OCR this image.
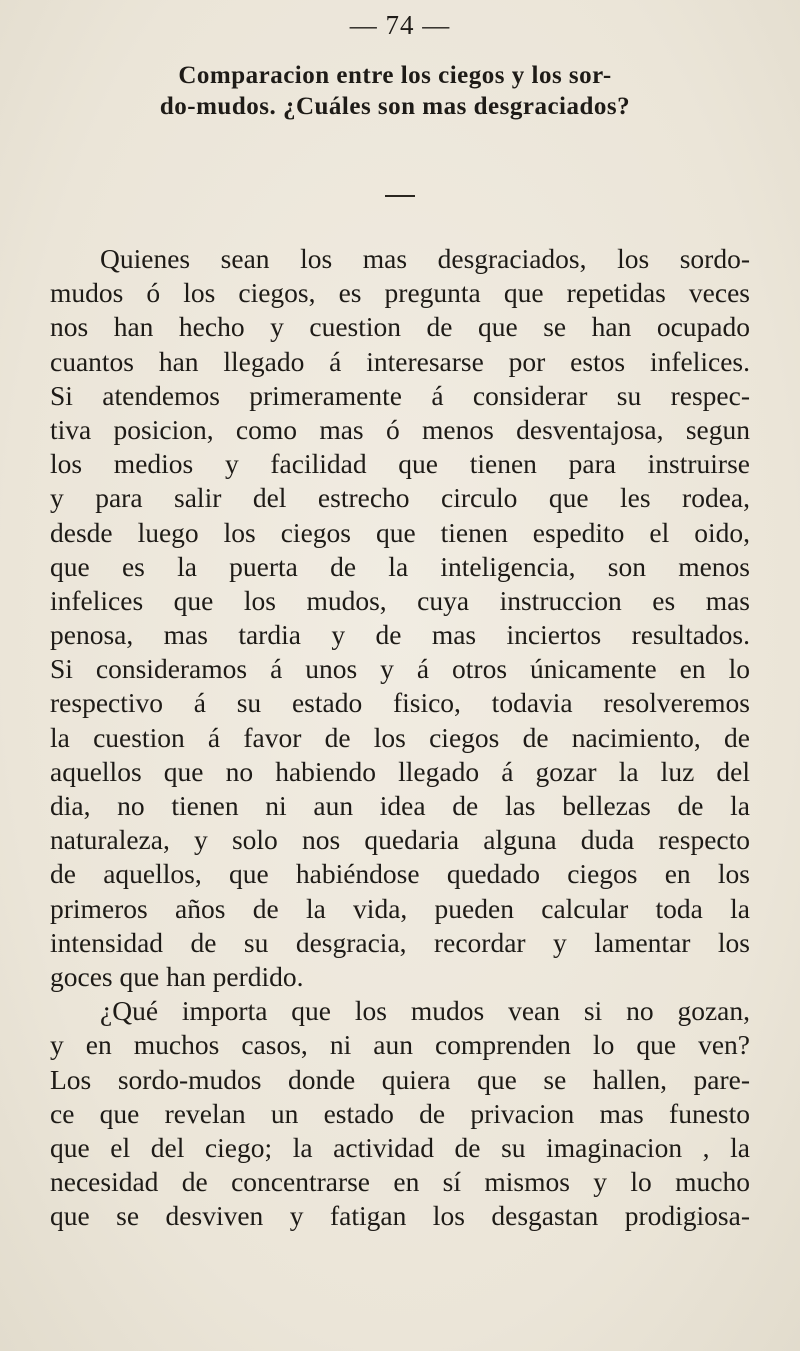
— 74 —
Comparacion entre los ciegos y los sor-
do-mudos. ¿Cuáles son mas desgraciados?
Quienes sean los mas desgraciados, los sordo-
mudos ó los ciegos, es pregunta que repetidas veces
nos han hecho y cuestion de que se han ocupado
cuantos han llegado á interesarse por estos infelices.
Si atendemos primeramente á considerar su respec-
tiva posicion, como mas ó menos desventajosa, segun
los medios y facilidad que tienen para instruirse
y para salir del estrecho circulo que les rodea,
desde luego los ciegos que tienen espedito el oido,
que es la puerta de la inteligencia, son menos
infelices que los mudos, cuya instruccion es mas
penosa, mas tardia y de mas inciertos resultados.
Si consideramos á unos y á otros únicamente en lo
respectivo á su estado fisico, todavia resolveremos
la cuestion á favor de los ciegos de nacimiento, de
aquellos que no habiendo llegado á gozar la luz del
dia, no tienen ni aun idea de las bellezas de la
naturaleza, y solo nos quedaria alguna duda respecto
de aquellos, que habiéndose quedado ciegos en los
primeros años de la vida, pueden calcular toda la
intensidad de su desgracia, recordar y lamentar los
goces que han perdido.
¿Qué importa que los mudos vean si no gozan,
y en muchos casos, ni aun comprenden lo que ven?
Los sordo-mudos donde quiera que se hallen, pare-
ce que revelan un estado de privacion mas funesto
que el del ciego; la actividad de su imaginacion , la
necesidad de concentrarse en sí mismos y lo mucho
que se desviven y fatigan los desgastan prodigiosa-
